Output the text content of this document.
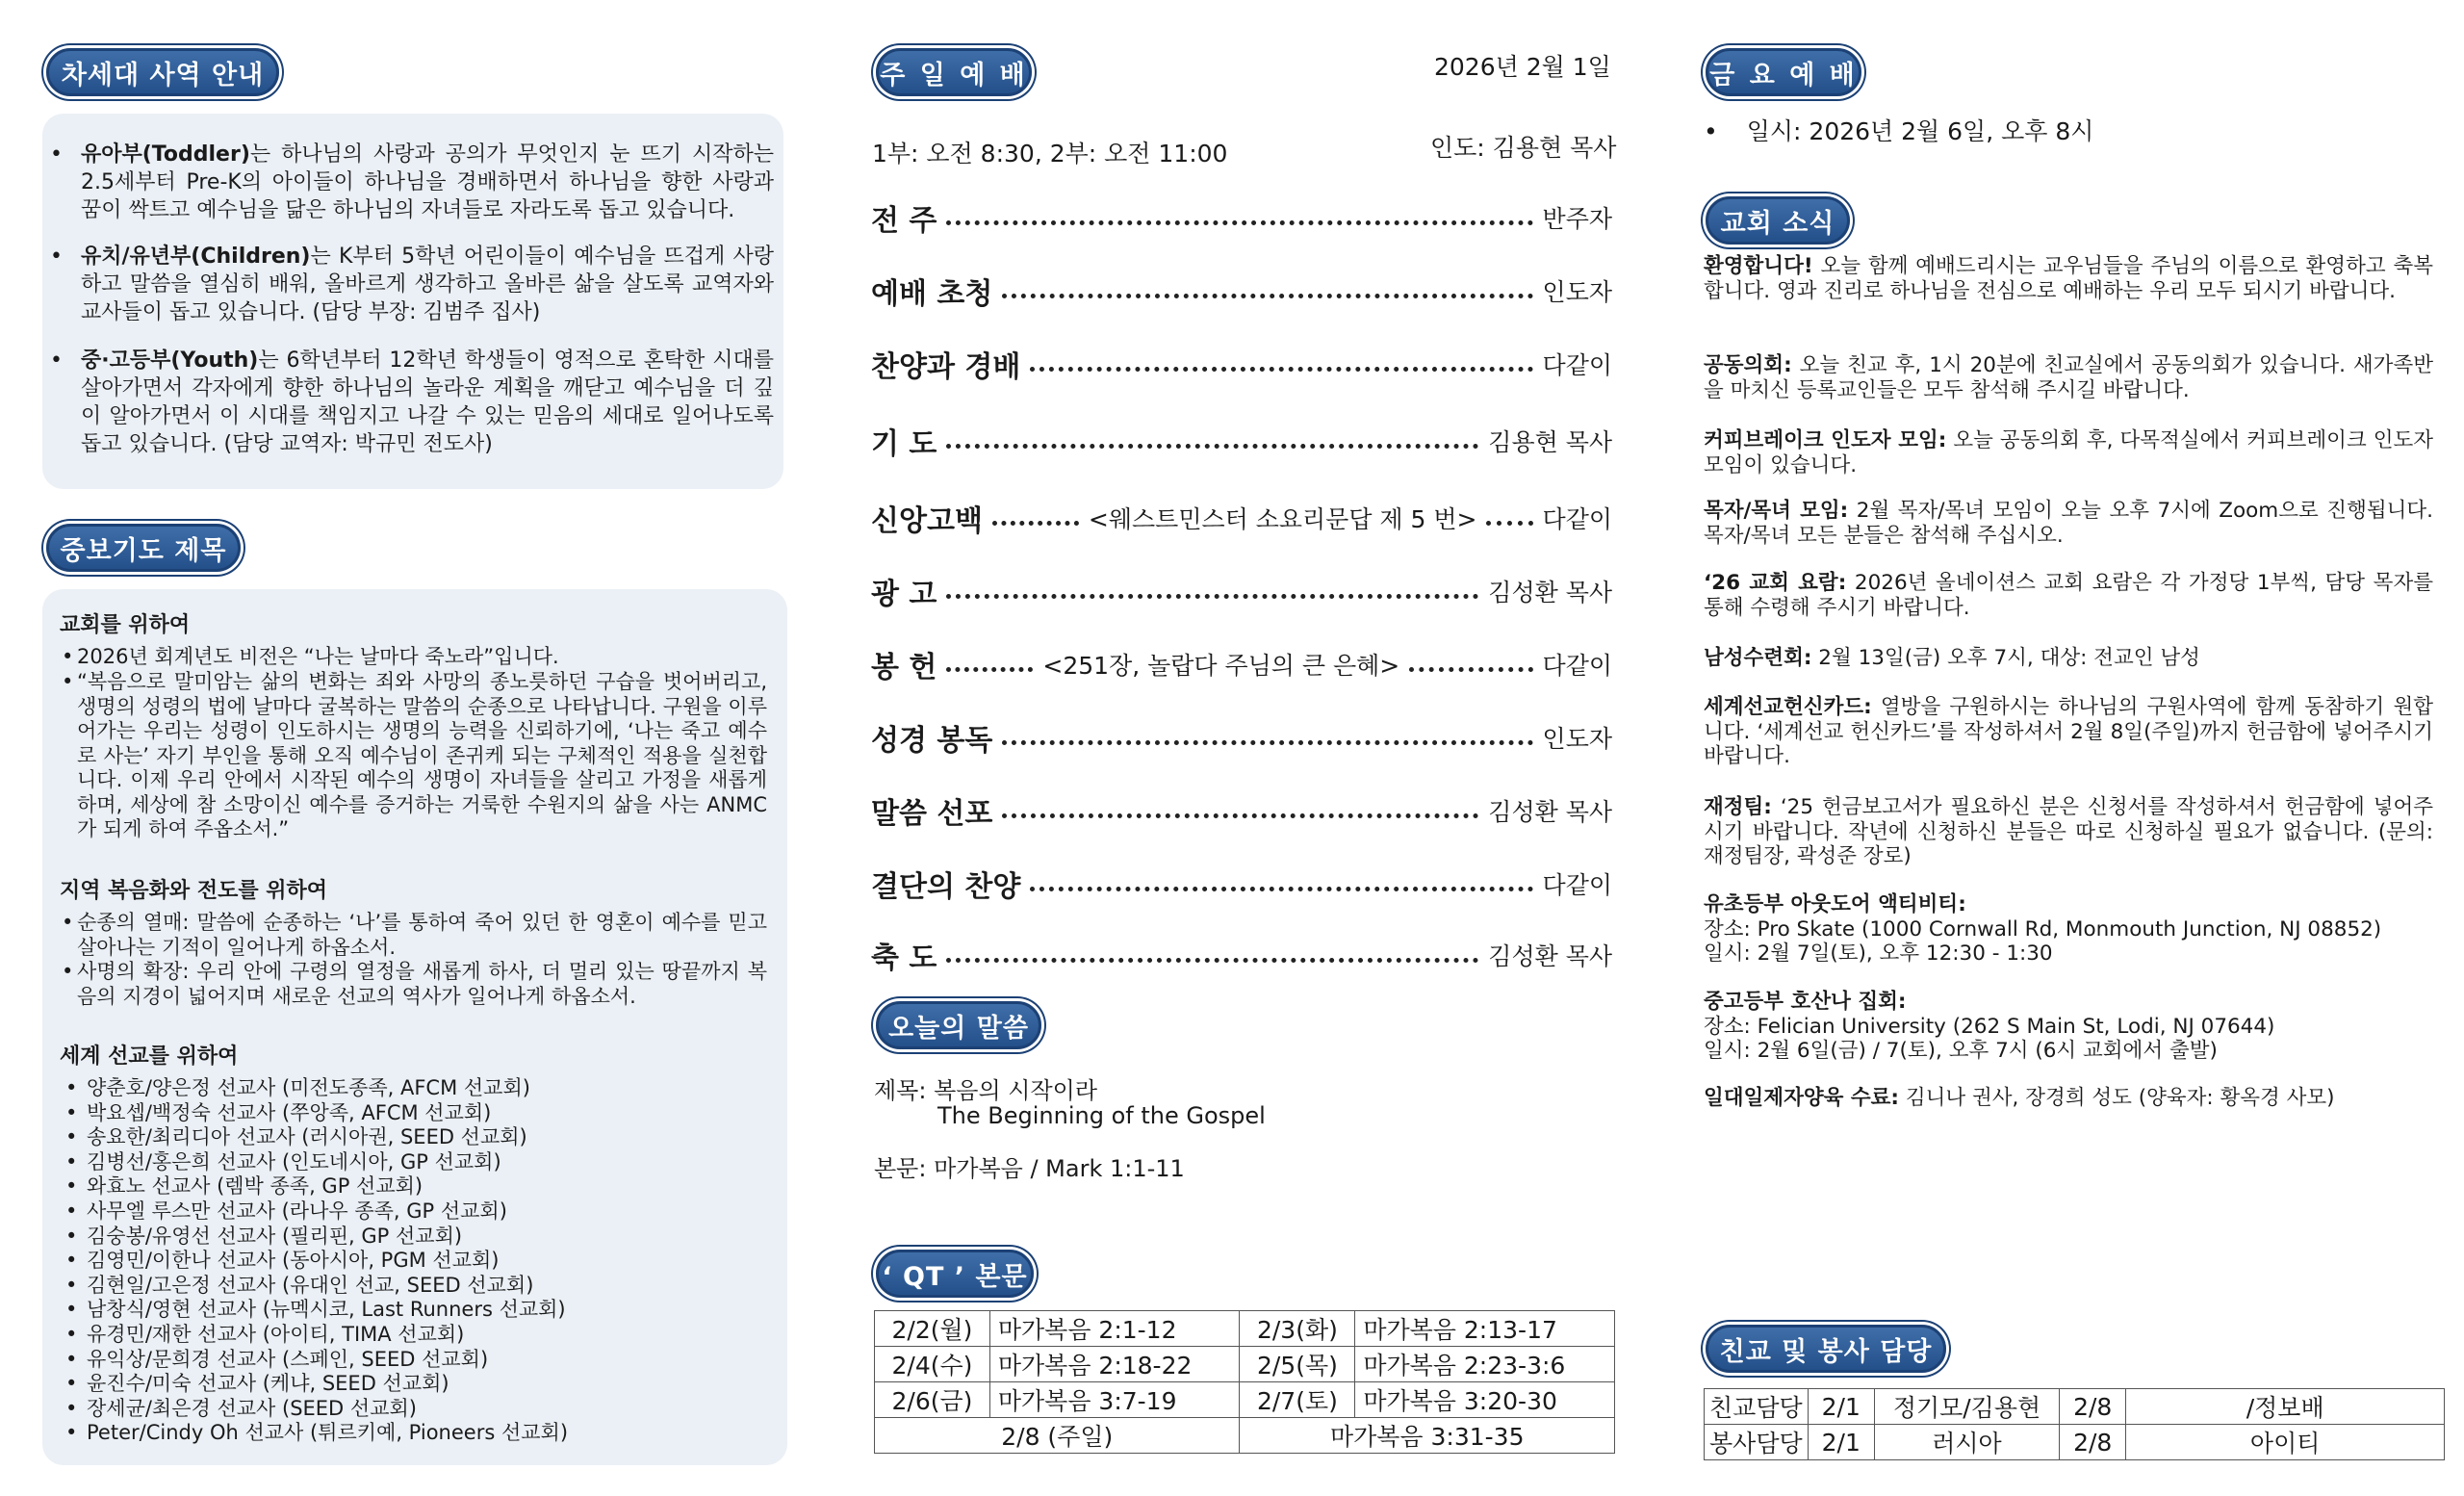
차세대 사역 안내
• 유아부(Toddler)는 하나님의 사랑과 공의가 무엇인지 눈 뜨기 시작하는 2.5세부터 Pre-K의 아이들이 하나님을 경배하면서 하나님을 향한 사랑과 꿈이 싹트고 예수님을 닮은 하나님의 자녀들로 자라도록 돕고 있습니다.
• 유치/유년부(Children)는 K부터 5학년 어린이들이 예수님을 뜨겁게 사랑하고 말씀을 열심히 배워, 올바르게 생각하고 올바른 삶을 살도록 교역자와 교사들이 돕고 있습니다. (담당 부장: 김범주 집사)
• 중·고등부(Youth)는 6학년부터 12학년 학생들이 영적으로 혼탁한 시대를 살아가면서 각자에게 향한 하나님의 놀라운 계획을 깨닫고 예수님을 더 깊이 알아가면서 이 시대를 책임지고 나갈 수 있는 믿음의 세대로 일어나도록 돕고 있습니다. (담당 교역자: 박규민 전도사)
중보기도 제목
교회를 위하여
• 2026년 회계년도 비전은 “나는 날마다 죽노라”입니다.
• “복음으로 말미암는 삶의 변화는 죄와 사망의 종노릇하던 구습을 벗어버리고, 생명의 성령의 법에 날마다 굴복하는 말씀의 순종으로 나타납니다. 구원을 이루어가는 우리는 성령이 인도하시는 생명의 능력을 신뢰하기에, ‘나는 죽고 예수로 사는’ 자기 부인을 통해 오직 예수님이 존귀케 되는 구체적인 적용을 실천합니다. 이제 우리 안에서 시작된 예수의 생명이 자녀들을 살리고 가정을 새롭게 하며, 세상에 참 소망이신 예수를 증거하는 거룩한 수원지의 삶을 사는 ANMC가 되게 하여 주옵소서.”
지역 복음화와 전도를 위하여
• 순종의 열매: 말씀에 순종하는 ‘나’를 통하여 죽어 있던 한 영혼이 예수를 믿고 살아나는 기적이 일어나게 하옵소서.
• 사명의 확장: 우리 안에 구령의 열정을 새롭게 하사, 더 멀리 있는 땅끝까지 복음의 지경이 넓어지며 새로운 선교의 역사가 일어나게 하옵소서.
세계 선교를 위하여
• 양춘호/양은정 선교사 (미전도종족, AFCM 선교회)
• 박요셉/백정숙 선교사 (쭈앙족, AFCM 선교회)
• 송요한/최리디아 선교사 (러시아권, SEED 선교회)
• 김병선/홍은희 선교사 (인도네시아, GP 선교회)
• 와효노 선교사 (렘박 종족, GP 선교회)
• 사무엘 루스만 선교사 (라나우 종족, GP 선교회)
• 김숭봉/유영선 선교사 (필리핀, GP 선교회)
• 김영민/이한나 선교사 (동아시아, PGM 선교회)
• 김현일/고은정 선교사 (유대인 선교, SEED 선교회)
• 남창식/영현 선교사 (뉴멕시코, Last Runners 선교회)
• 유경민/재한 선교사 (아이티, TIMA 선교회)
• 유익상/문희경 선교사 (스페인, SEED 선교회)
• 윤진수/미숙 선교사 (케냐, SEED 선교회)
• 장세균/최은경 선교사 (SEED 선교회)
• Peter/Cindy Oh 선교사 (튀르키예, Pioneers 선교회)
주 일 예 배	2026년 2월 1일
1부: 오전 8:30, 2부: 오전 11:00	인도: 김용현 목사
전 주	반주자
예배 초청	인도자
찬양과 경배	다같이
기 도	김용현 목사
신앙고백	<웨스트민스터 소요리문답 제 5 번>	다같이
광 고	김성환 목사
봉 헌	<251장, 놀랍다 주님의 큰 은혜>	다같이
성경 봉독	인도자
말씀 선포	김성환 목사
결단의 찬양	다같이
축 도	김성환 목사
오늘의 말씀
제목: 복음의 시작이라
The Beginning of the Gospel
본문: 마가복음 / Mark 1:1-11
‘ QT ’ 본문
2/2(월)	마가복음 2:1-12	2/3(화)	마가복음 2:13-17
2/4(수)	마가복음 2:18-22	2/5(목)	마가복음 2:23-3:6
2/6(금)	마가복음 3:7-19	2/7(토)	마가복음 3:20-30
2/8 (주일)		마가복음 3:31-35	
금 요 예 배
• 일시: 2026년 2월 6일, 오후 8시
교회 소식
환영합니다! 오늘 함께 예배드리시는 교우님들을 주님의 이름으로 환영하고 축복합니다. 영과 진리로 하나님을 전심으로 예배하는 우리 모두 되시기 바랍니다.
공동의회: 오늘 친교 후, 1시 20분에 친교실에서 공동의회가 있습니다. 새가족반을 마치신 등록교인들은 모두 참석해 주시길 바랍니다.
커피브레이크 인도자 모임: 오늘 공동의회 후, 다목적실에서 커피브레이크 인도자 모임이 있습니다.
목자/목녀 모임: 2월 목자/목녀 모임이 오늘 오후 7시에 Zoom으로 진행됩니다. 목자/목녀 모든 분들은 참석해 주십시오.
‘26 교회 요람: 2026년 올네이션스 교회 요람은 각 가정당 1부씩, 담당 목자를 통해 수령해 주시기 바랍니다.
남성수련회: 2월 13일(금) 오후 7시, 대상: 전교인 남성
세계선교헌신카드: 열방을 구원하시는 하나님의 구원사역에 함께 동참하기 원합니다. ‘세계선교 헌신카드’를 작성하셔서 2월 8일(주일)까지 헌금함에 넣어주시기 바랍니다.
재정팀: ‘25 헌금보고서가 필요하신 분은 신청서를 작성하셔서 헌금함에 넣어주시기 바랍니다. 작년에 신청하신 분들은 따로 신청하실 필요가 없습니다. (문의: 재정팀장, 곽성준 장로)
유초등부 아웃도어 액티비티:
장소: Pro Skate (1000 Cornwall Rd, Monmouth Junction, NJ 08852)
일시: 2월 7일(토), 오후 12:30 - 1:30
중고등부 호산나 집회:
장소: Felician University (262 S Main St, Lodi, NJ 07644)
일시: 2월 6일(금) / 7(토), 오후 7시 (6시 교회에서 출발)
일대일제자양육 수료: 김니나 권사, 장경희 성도 (양육자: 황옥경 사모)
친교 및 봉사 담당
친교담당	2/1	정기모/김용현	2/8	/정보배
봉사담당	2/1	러시아	2/8	아이티
